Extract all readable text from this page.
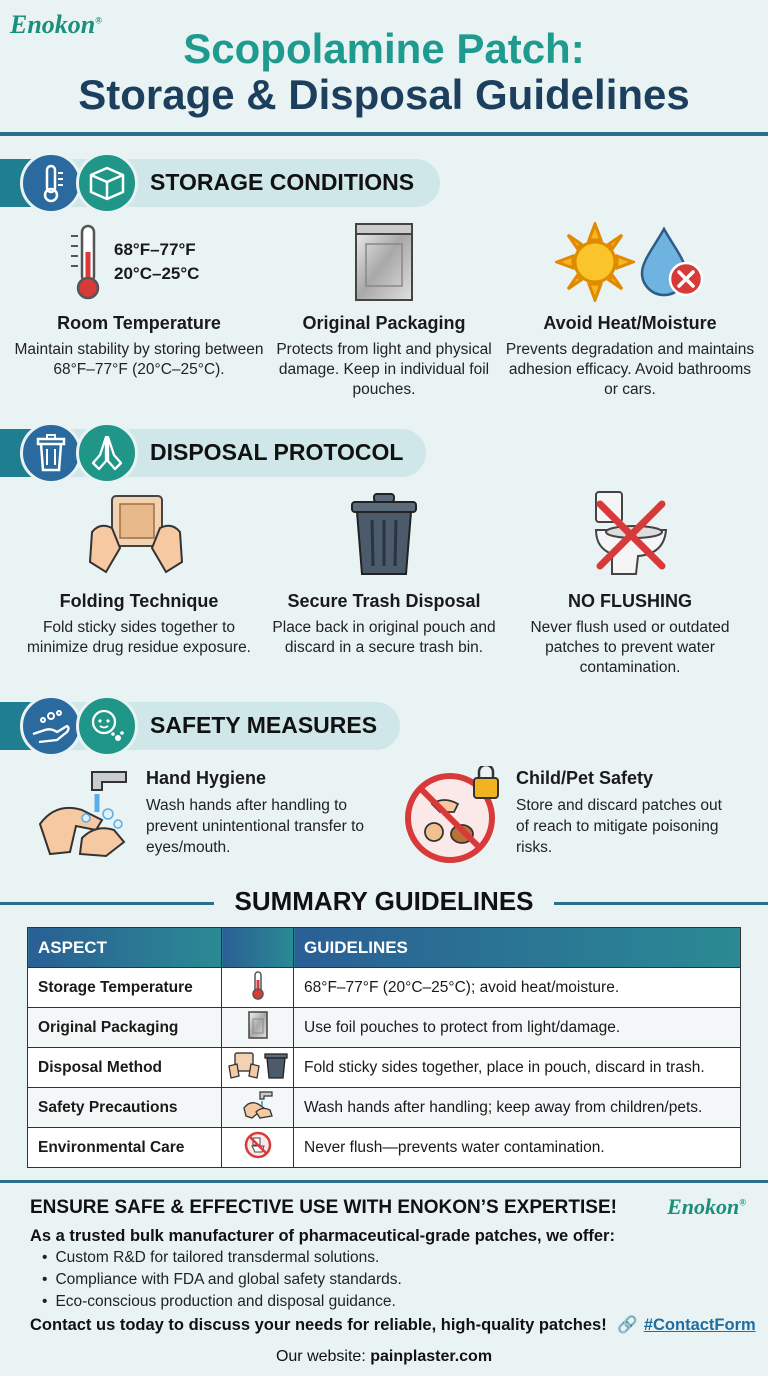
Enokon®
Scopolamine Patch:
Storage & Disposal Guidelines
STORAGE CONDITIONS
68°F–77°F
20°C–25°C
Room Temperature
Maintain stability by storing between 68°F–77°F (20°C–25°C).
Original Packaging
Protects from light and physical damage. Keep in individual foil pouches.
Avoid Heat/Moisture
Prevents degradation and maintains adhesion efficacy. Avoid bathrooms or cars.
DISPOSAL PROTOCOL
Folding Technique
Fold sticky sides together to minimize drug residue exposure.
Secure Trash Disposal
Place back in original pouch and discard in a secure trash bin.
NO FLUSHING
Never flush used or outdated patches to prevent water contamination.
SAFETY MEASURES
Hand Hygiene
Wash hands after handling to prevent unintentional transfer to eyes/mouth.
Child/Pet Safety
Store and discard patches out of reach to mitigate poisoning risks.
SUMMARY GUIDELINES
ASPECT		GUIDELINES
Storage Temperature		68°F–77°F (20°C–25°C); avoid heat/moisture.
Original Packaging		Use foil pouches to protect from light/damage.
Disposal Method		Fold sticky sides together, place in pouch, discard in trash.
Safety Precautions		Wash hands after handling; keep away from children/pets.
Environmental Care		Never flush—prevents water contamination.
ENSURE SAFE & EFFECTIVE USE WITH ENOKON’S EXPERTISE! Enokon®
As a trusted bulk manufacturer of pharmaceutical-grade patches, we offer:
• Custom R&D for tailored transdermal solutions.
• Compliance with FDA and global safety standards.
• Eco-conscious production and disposal guidance.
Contact us today to discuss your needs for reliable, high-quality patches! 🔗 #ContactForm
Our website: painplaster.com
